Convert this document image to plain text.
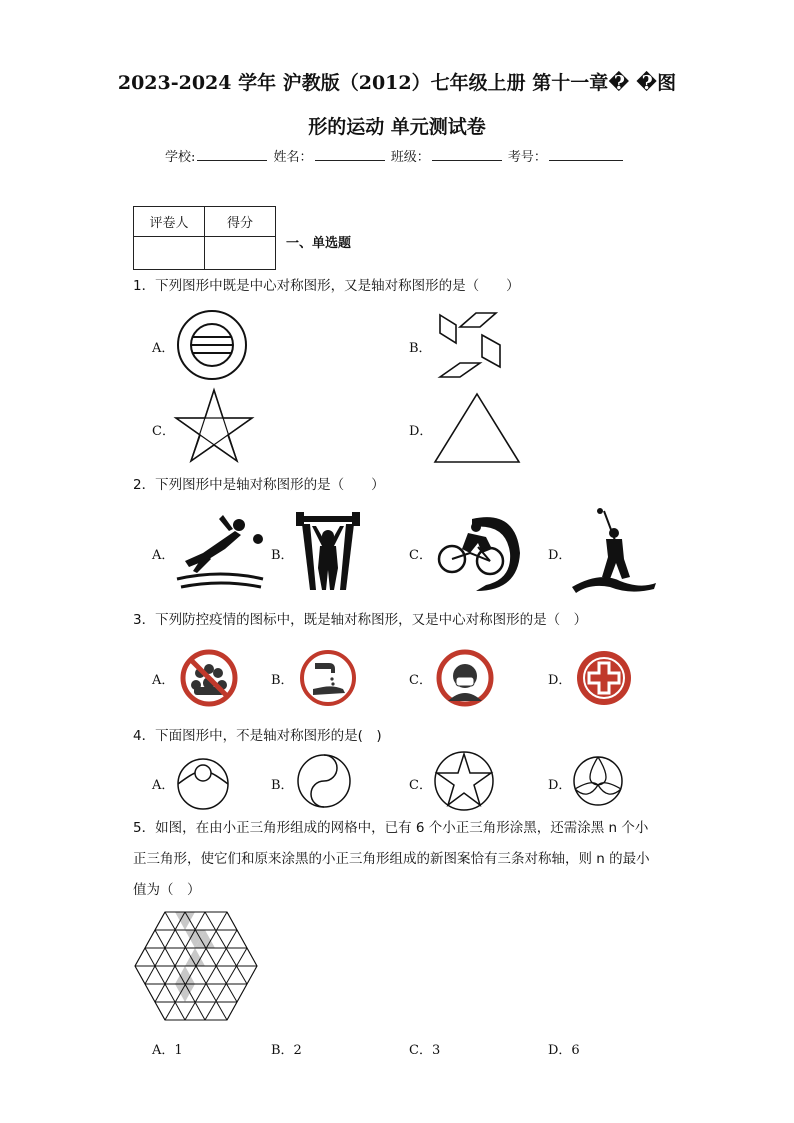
2023-2024 学年 沪教版（2012）七年级上册 第十一章� �图
形的运动 单元测试卷
学校:	姓名：	班级：	考号：
评卷人	得分

一、单选题
1．下列图形中既是中心对称图形，又是轴对称图形的是（　　）
A．	B．
C．	D．
2．下列图形中是轴对称图形的是（　　）
A．	B．	C．	D．
3．下列防控疫情的图标中，既是轴对称图形，又是中心对称图形的是（　）
A．	B．	C．	D．
4．下面图形中，不是轴对称图形的是(　)
A．	B．	C．	D．
5．如图，在由小正三角形组成的网格中，已有 6 个小正三角形涂黑，还需涂黑 n 个小
正三角形，使它们和原来涂黑的小正三角形组成的新图案恰有三条对称轴，则 n 的最小
值为（　）
A．1	B．2	C．3	D．6
